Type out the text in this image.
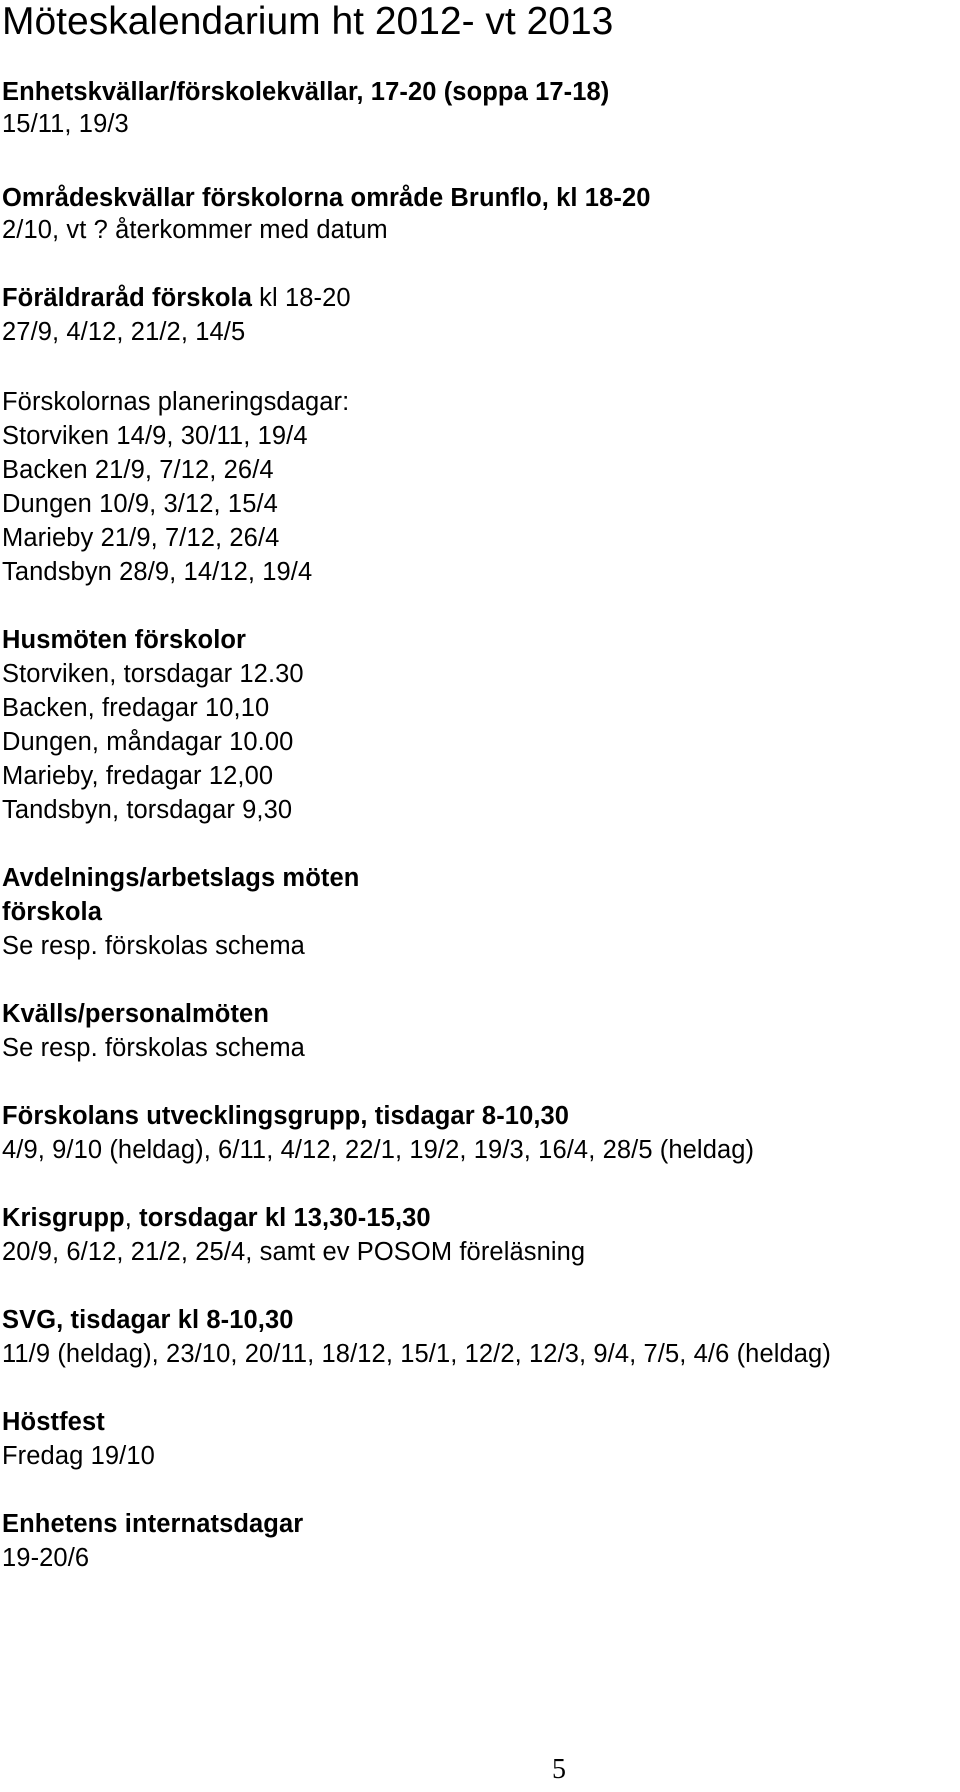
Möteskalendarium ht 2012- vt 2013
Enhetskvällar/förskolekvällar, 17-20 (soppa 17-18)
15/11, 19/3
Områdeskvällar förskolorna område Brunflo, kl 18-20
2/10, vt ? återkommer med datum
Föräldraråd förskola kl 18-20
27/9, 4/12, 21/2, 14/5
Förskolornas planeringsdagar:
Storviken 14/9, 30/11, 19/4
Backen 21/9, 7/12, 26/4
Dungen 10/9, 3/12, 15/4
Marieby 21/9, 7/12, 26/4
Tandsbyn 28/9, 14/12, 19/4
Husmöten förskolor
Storviken, torsdagar 12.30
Backen, fredagar 10,10
Dungen, måndagar 10.00
Marieby, fredagar 12,00
Tandsbyn, torsdagar 9,30
Avdelnings/arbetslags möten
förskola
Se resp. förskolas schema
Kvälls/personalmöten
Se resp. förskolas schema
Förskolans utvecklingsgrupp, tisdagar 8-10,30
4/9, 9/10 (heldag), 6/11, 4/12, 22/1, 19/2, 19/3, 16/4, 28/5 (heldag)
Krisgrupp, torsdagar kl 13,30-15,30
20/9, 6/12, 21/2, 25/4, samt ev POSOM föreläsning
SVG, tisdagar kl 8-10,30
11/9 (heldag), 23/10, 20/11, 18/12, 15/1, 12/2, 12/3, 9/4, 7/5, 4/6 (heldag)
Höstfest
Fredag 19/10
Enhetens internatsdagar
19-20/6
5
